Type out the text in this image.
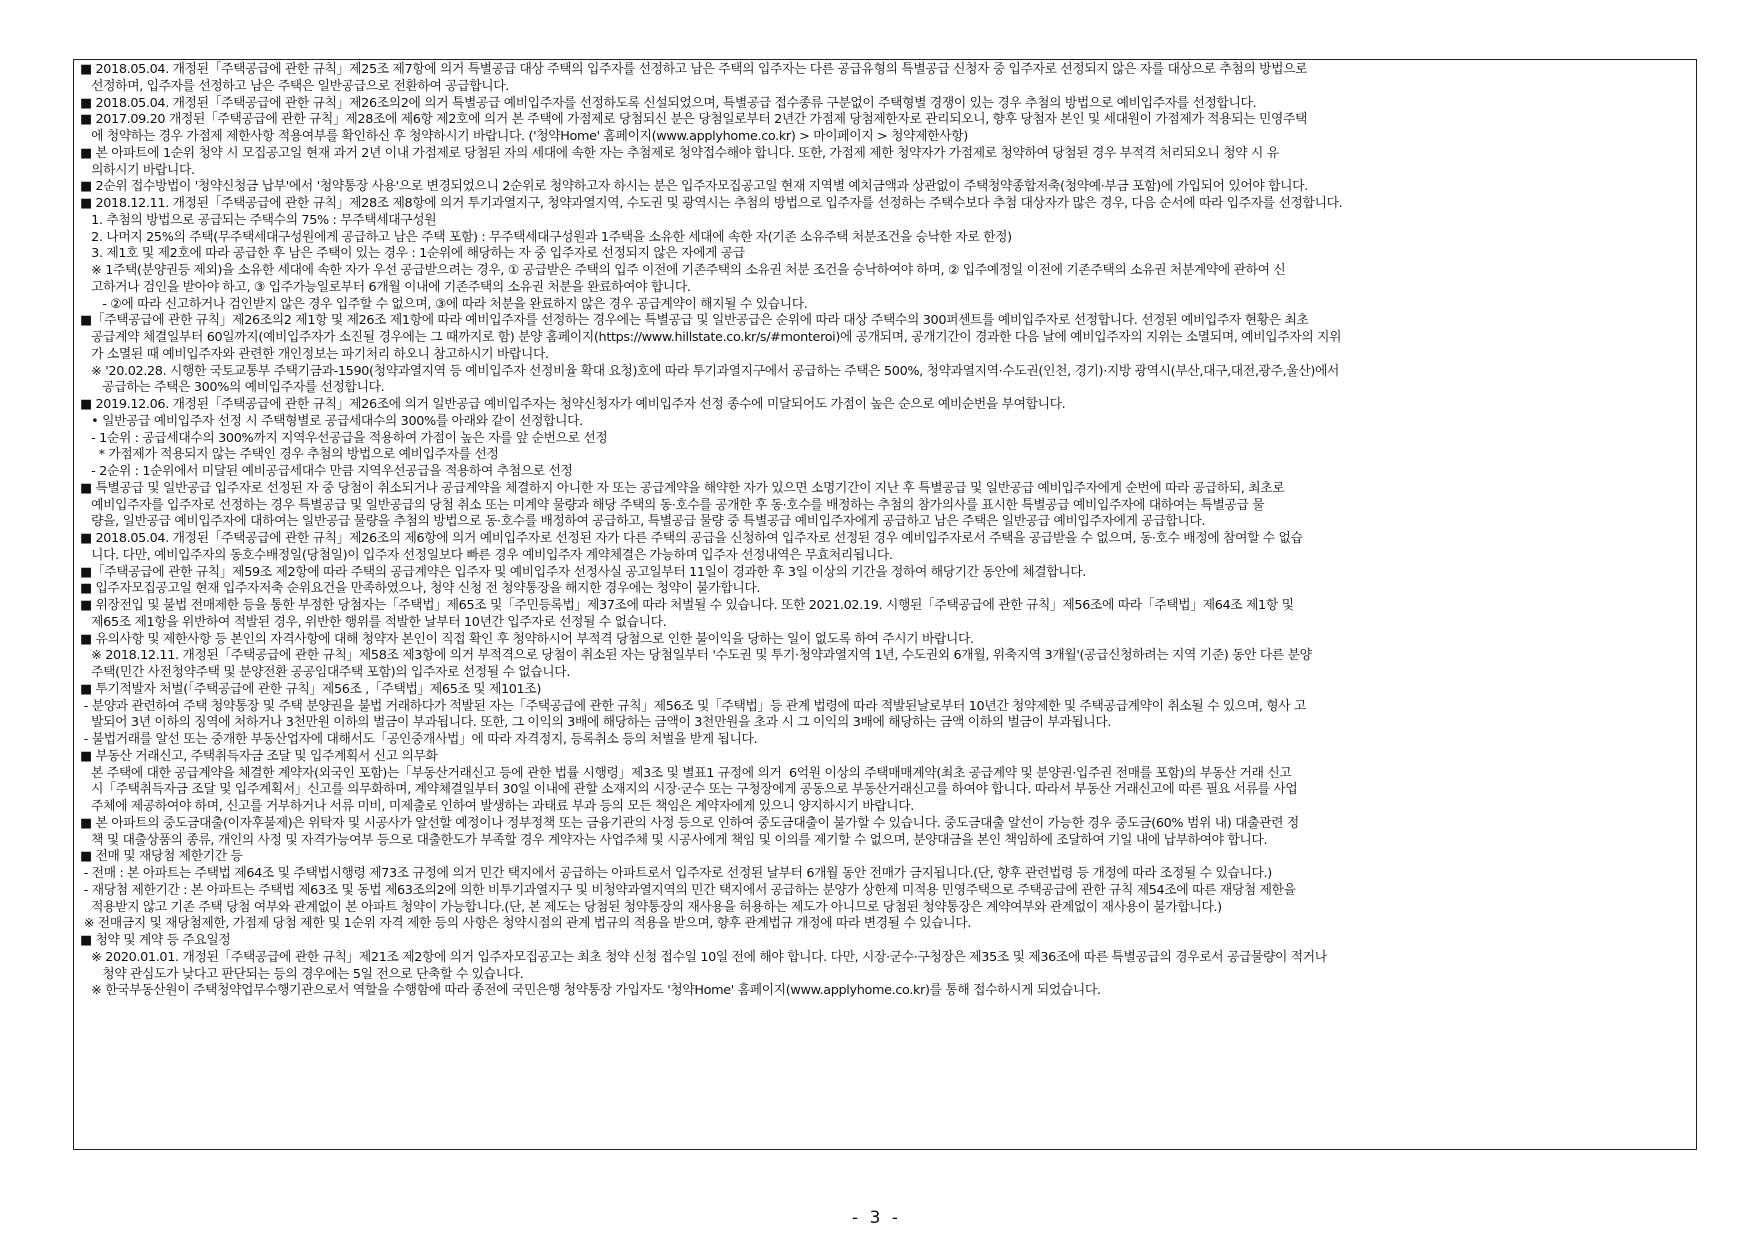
■ 2018.05.04. 개정된「주택공급에 관한 규칙」제25조 제7항에 의거 특별공급 대상 주택의 입주자를 선정하고 남은 주택의 입주자는 다른 공급유형의 특별공급 신청자 중 입주자로 선정되지 않은 자를 대상으로 추첨의 방법으로
선정하며, 입주자를 선정하고 남은 주택은 일반공급으로 전환하여 공급합니다.
■ 2018.05.04. 개정된「주택공급에 관한 규칙」제26조의2에 의거 특별공급 예비입주자를 선정하도록 신설되었으며, 특별공급 접수종류 구분없이 주택형별 경쟁이 있는 경우 추첨의 방법으로 예비입주자를 선정합니다.
■ 2017.09.20 개정된「주택공급에 관한 규칙」제28조에 제6항 제2호에 의거 본 주택에 가점제로 당첨되신 분은 당첨일로부터 2년간 가점제 당첨제한자로 관리되오니, 향후 당첨자 본인 및 세대원이 가점제가 적용되는 민영주택
에 청약하는 경우 가점제 제한사항 적용여부를 확인하신 후 청약하시기 바랍니다. ('청약Home' 홈페이지(www.applyhome.co.kr) > 마이페이지 > 청약제한사항)
■ 본 아파트에 1순위 청약 시 모집공고일 현재 과거 2년 이내 가점제로 당첨된 자의 세대에 속한 자는 추첨제로 청약접수해야 합니다. 또한, 가점제 제한 청약자가 가점제로 청약하여 당첨된 경우 부적격 처리되오니 청약 시 유
의하시기 바랍니다.
■ 2순위 접수방법이 '청약신청금 납부'에서 '청약통장 사용'으로 변경되었으니 2순위로 청약하고자 하시는 분은 입주자모집공고일 현재 지역별 예치금액과 상관없이 주택청약종합저축(청약예·부금 포함)에 가입되어 있어야 합니다.
■ 2018.12.11. 개정된「주택공급에 관한 규칙」제28조 제8항에 의거 투기과열지구, 청약과열지역, 수도권 및 광역시는 추첨의 방법으로 입주자를 선정하는 주택수보다 추첨 대상자가 많은 경우, 다음 순서에 따라 입주자를 선정합니다.
1. 추첨의 방법으로 공급되는 주택수의 75% : 무주택세대구성원
2. 나머지 25%의 주택(무주택세대구성원에게 공급하고 남은 주택 포함) : 무주택세대구성원과 1주택을 소유한 세대에 속한 자(기존 소유주택 처분조건을 승낙한 자로 한정)
3. 제1호 및 제2호에 따라 공급한 후 남은 주택이 있는 경우 : 1순위에 해당하는 자 중 입주자로 선정되지 않은 자에게 공급
※ 1주택(분양권등 제외)을 소유한 세대에 속한 자가 우선 공급받으려는 경우, ① 공급받은 주택의 입주 이전에 기존주택의 소유권 처분 조건을 승낙하여야 하며, ② 입주예정일 이전에 기존주택의 소유권 처분계약에 관하여 신
고하거나 검인을 받아야 하고, ③ 입주가능일로부터 6개월 이내에 기존주택의 소유권 처분을 완료하여야 합니다.
- ②에 따라 신고하거나 검인받지 않은 경우 입주할 수 없으며, ③에 따라 처분을 완료하지 않은 경우 공급계약이 해지될 수 있습니다.
■「주택공급에 관한 규칙」제26조의2 제1항 및 제26조 제1항에 따라 예비입주자를 선정하는 경우에는 특별공급 및 일반공급은 순위에 따라 대상 주택수의 300퍼센트를 예비입주자로 선정합니다. 선정된 예비입주자 현황은 최초
공급계약 체결일부터 60일까지(예비입주자가 소진될 경우에는 그 때까지로 함) 분양 홈페이지(https://www.hillstate.co.kr/s/#monteroi)에 공개되며, 공개기간이 경과한 다음 날에 예비입주자의 지위는 소멸되며, 예비입주자의 지위
가 소멸된 때 예비입주자와 관련한 개인정보는 파기처리 하오니 참고하시기 바랍니다.
※ '20.02.28. 시행한 국토교통부 주택기금과-1590(청약과열지역 등 예비입주자 선정비율 확대 요청)호에 따라 투기과열지구에서 공급하는 주택은 500%, 청약과열지역·수도권(인천, 경기)·지방 광역시(부산,대구,대전,광주,울산)에서
공급하는 주택은 300%의 예비입주자를 선정합니다.
■ 2019.12.06. 개정된「주택공급에 관한 규칙」제26조에 의거 일반공급 예비입주자는 청약신청자가 예비입주자 선정 종수에 미달되어도 가점이 높은 순으로 예비순번을 부여합니다.
• 일반공급 예비입주자 선정 시 주택형별로 공급세대수의 300%를 아래와 같이 선정합니다.
- 1순위 : 공급세대수의 300%까지 지역우선공급을 적용하여 가점이 높은 자를 앞 순번으로 선정
* 가점제가 적용되지 않는 주택인 경우 추첨의 방법으로 예비입주자를 선정
- 2순위 : 1순위에서 미달된 예비공급세대수 만큼 지역우선공급을 적용하여 추첨으로 선정
■ 특별공급 및 일반공급 입주자로 선정된 자 중 당첨이 취소되거나 공급계약을 체결하지 아니한 자 또는 공급계약을 해약한 자가 있으면 소명기간이 지난 후 특별공급 및 일반공급 예비입주자에게 순번에 따라 공급하되, 최초로
예비입주자를 입주자로 선정하는 경우 특별공급 및 일반공급의 당첨 취소 또는 미계약 물량과 해당 주택의 동·호수를 공개한 후 동·호수를 배정하는 추첨의 참가의사를 표시한 특별공급 예비입주자에 대하여는 특별공급 물
량을, 일반공급 예비입주자에 대하여는 일반공급 물량을 추첨의 방법으로 동·호수를 배정하여 공급하고, 특별공급 물량 중 특별공급 예비입주자에게 공급하고 남은 주택은 일반공급 예비입주자에게 공급합니다.
■ 2018.05.04. 개정된「주택공급에 관한 규칙」제26조의 제6항에 의거 예비입주자로 선정된 자가 다른 주택의 공급을 신청하여 입주자로 선정된 경우 예비입주자로서 주택을 공급받을 수 없으며, 동·호수 배정에 참여할 수 없습
니다. 다만, 예비입주자의 동호수배정일(당첨일)이 입주자 선정일보다 빠른 경우 예비입주자 계약체결은 가능하며 입주자 선정내역은 무효처리됩니다.
■「주택공급에 관한 규칙」제59조 제2항에 따라 주택의 공급계약은 입주자 및 예비입주자 선정사실 공고일부터 11일이 경과한 후 3일 이상의 기간을 정하여 해당기간 동안에 체결합니다.
■ 입주자모집공고일 현재 입주자저축 순위요건을 만족하였으나, 청약 신청 전 청약통장을 해지한 경우에는 청약이 불가합니다.
■ 위장전입 및 불법 전매제한 등을 통한 부정한 당첨자는「주택법」제65조 및「주민등록법」제37조에 따라 처벌될 수 있습니다. 또한 2021.02.19. 시행된「주택공급에 관한 규칙」제56조에 따라「주택법」제64조 제1항 및
제65조 제1항을 위반하여 적발된 경우, 위반한 행위를 적발한 날부터 10년간 입주자로 선정될 수 없습니다.
■ 유의사항 및 제한사항 등 본인의 자격사항에 대해 청약자 본인이 직접 확인 후 청약하시어 부적격 당첨으로 인한 불이익을 당하는 일이 없도록 하여 주시기 바랍니다.
※ 2018.12.11. 개정된「주택공급에 관한 규칙」제58조 제3항에 의거 부적격으로 당첨이 취소된 자는 당첨일부터 '수도권 및 투기·청약과열지역 1년, 수도권외 6개월, 위축지역 3개월'(공급신청하려는 지역 기준) 동안 다른 분양
주택(민간 사전청약주택 및 분양전환 공공임대주택 포함)의 입주자로 선정될 수 없습니다.
■ 투기적발자 처벌(「주택공급에 관한 규칙」제56조 ,「주택법」제65조 및 제101조)
- 분양과 관련하여 주택 청약통장 및 주택 분양권을 불법 거래하다가 적발된 자는「주택공급에 관한 규칙」제56조 및「주택법」등 관계 법령에 따라 적발된날로부터 10년간 청약제한 및 주택공급계약이 취소될 수 있으며, 형사 고
발되어 3년 이하의 징역에 처하거나 3천만원 이하의 벌금이 부과됩니다. 또한, 그 이익의 3배에 해당하는 금액이 3천만원을 초과 시 그 이익의 3배에 해당하는 금액 이하의 벌금이 부과됩니다.
- 불법거래를 알선 또는 중개한 부동산업자에 대해서도「공인중개사법」에 따라 자격정지, 등록취소 등의 처벌을 받게 됩니다.
■ 부동산 거래신고, 주택취득자금 조달 및 입주계획서 신고 의무화
본 주택에 대한 공급계약을 체결한 계약자(외국인 포함)는「부동산거래신고 등에 관한 법률 시행령」제3조 및 별표1 규정에 의거  6억원 이상의 주택매매계약(최초 공급계약 및 분양권·입주권 전매를 포함)의 부동산 거래 신고
시「주택취득자금 조달 및 입주계획서」신고를 의무화하며, 계약체결일부터 30일 이내에 관할 소재지의 시장·군수 또는 구청장에게 공동으로 부동산거래신고를 하여야 합니다. 따라서 부동산 거래신고에 따른 필요 서류를 사업
주체에 제공하여야 하며, 신고를 거부하거나 서류 미비, 미제출로 인하여 발생하는 과태료 부과 등의 모든 책임은 계약자에게 있으니 양지하시기 바랍니다.
■ 본 아파트의 중도금대출(이자후불제)은 위탁자 및 시공사가 알선할 예정이나 정부정책 또는 금융기관의 사정 등으로 인하여 중도금대출이 불가할 수 있습니다. 중도금대출 알선이 가능한 경우 중도금(60% 범위 내) 대출관련 정
책 및 대출상품의 종류, 개인의 사정 및 자격가능여부 등으로 대출한도가 부족할 경우 계약자는 사업주체 및 시공사에게 책임 및 이의를 제기할 수 없으며, 분양대금을 본인 책임하에 조달하여 기일 내에 납부하여야 합니다.
■ 전매 및 재당첨 제한기간 등
- 전매 : 본 아파트는 주택법 제64조 및 주택법시행령 제73조 규정에 의거 민간 택지에서 공급하는 아파트로서 입주자로 선정된 날부터 6개월 동안 전매가 금지됩니다.(단, 향후 관련법령 등 개정에 따라 조정될 수 있습니다.)
- 재당첨 제한기간 : 본 아파트는 주택법 제63조 및 동법 제63조의2에 의한 비투기과열지구 및 비청약과열지역의 민간 택지에서 공급하는 분양가 상한제 미적용 민영주택으로 주택공급에 관한 규칙 제54조에 따른 재당첨 제한을
적용받지 않고 기존 주택 당첨 여부와 관계없이 본 아파트 청약이 가능합니다.(단, 본 제도는 당첨된 청약통장의 재사용을 허용하는 제도가 아니므로 당첨된 청약통장은 계약여부와 관계없이 재사용이 불가합니다.)
※ 전매금지 및 재당첨제한, 가점제 당첨 제한 및 1순위 자격 제한 등의 사항은 청약시점의 관계 법규의 적용을 받으며, 향후 관계법규 개정에 따라 변경될 수 있습니다.
■ 청약 및 계약 등 주요일정
※ 2020.01.01. 개정된「주택공급에 관한 규칙」제21조 제2항에 의거 입주자모집공고는 최초 청약 신청 접수일 10일 전에 해야 합니다. 다만, 시장·군수·구청장은 제35조 및 제36조에 따른 특별공급의 경우로서 공급물량이 적거나
청약 관심도가 낮다고 판단되는 등의 경우에는 5일 전으로 단축할 수 있습니다.
※ 한국부동산원이 주택청약업무수행기관으로서 역할을 수행함에 따라 종전에 국민은행 청약통장 가입자도 '청약Home' 홈페이지(www.applyhome.co.kr)를 통해 접수하시게 되었습니다.
- 3 -
